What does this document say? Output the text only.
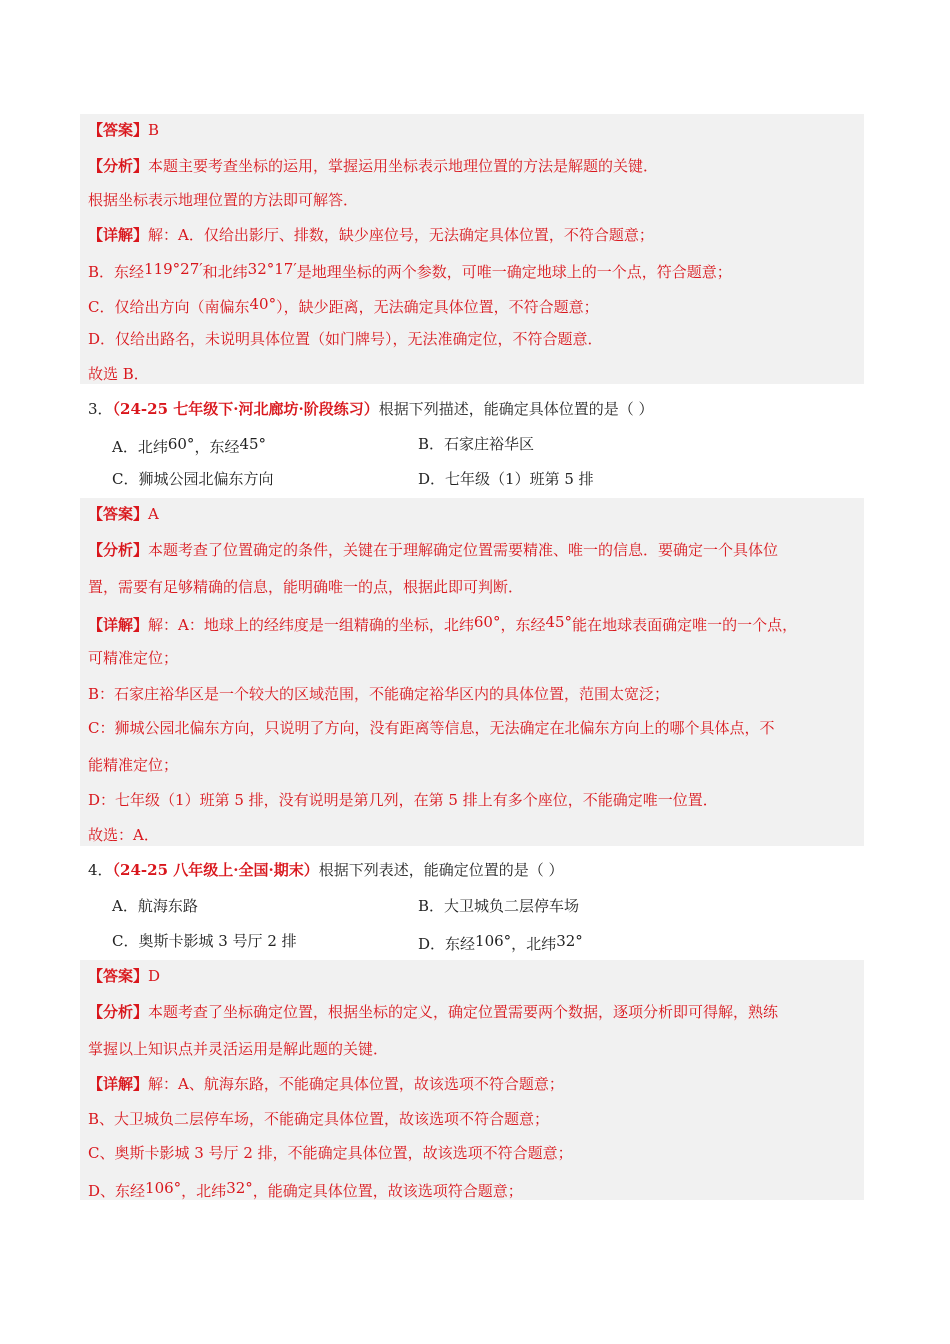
【答案】B
【分析】本题主要考查坐标的运用，掌握运用坐标表示地理位置的方法是解题的关键．
根据坐标表示地理位置的方法即可解答．
【详解】解：A．仅给出影厅、排数，缺少座位号，无法确定具体位置，不符合题意；
B．东经119°27′和北纬32°17′是地理坐标的两个参数，可唯一确定地球上的一个点，符合题意；
C．仅给出方向（南偏东40°），缺少距离，无法确定具体位置，不符合题意；
D．仅给出路名，未说明具体位置（如门牌号），无法准确定位，不符合题意．
故选 B．
3．（24-25 七年级下·河北廊坊·阶段练习）根据下列描述，能确定具体位置的是（ ）
A．北纬60°，东经45°	B．石家庄裕华区
C．狮城公园北偏东方向	D．七年级（1）班第 5 排
【答案】A
【分析】本题考查了位置确定的条件，关键在于理解确定位置需要精准、唯一的信息．要确定一个具体位
置，需要有足够精确的信息，能明确唯一的点，根据此即可判断．
【详解】解：A：地球上的经纬度是一组精确的坐标，北纬60°，东经45°能在地球表面确定唯一的一个点，
可精准定位；
B：石家庄裕华区是一个较大的区域范围，不能确定裕华区内的具体位置，范围太宽泛；
C：狮城公园北偏东方向，只说明了方向，没有距离等信息，无法确定在北偏东方向上的哪个具体点，不
能精准定位；
D：七年级（1）班第 5 排，没有说明是第几列，在第 5 排上有多个座位，不能确定唯一位置．
故选：A．
4．（24-25 八年级上·全国·期末）根据下列表述，能确定位置的是（ ）
A．航海东路	B．大卫城负二层停车场
C．奥斯卡影城 3 号厅 2 排	D．东经106°，北纬32°
【答案】D
【分析】本题考查了坐标确定位置，根据坐标的定义，确定位置需要两个数据，逐项分析即可得解，熟练
掌握以上知识点并灵活运用是解此题的关键．
【详解】解：A、航海东路，不能确定具体位置，故该选项不符合题意；
B、大卫城负二层停车场，不能确定具体位置，故该选项不符合题意；
C、奥斯卡影城 3 号厅 2 排，不能确定具体位置，故该选项不符合题意；
D、东经106°，北纬32°，能确定具体位置，故该选项符合题意；
